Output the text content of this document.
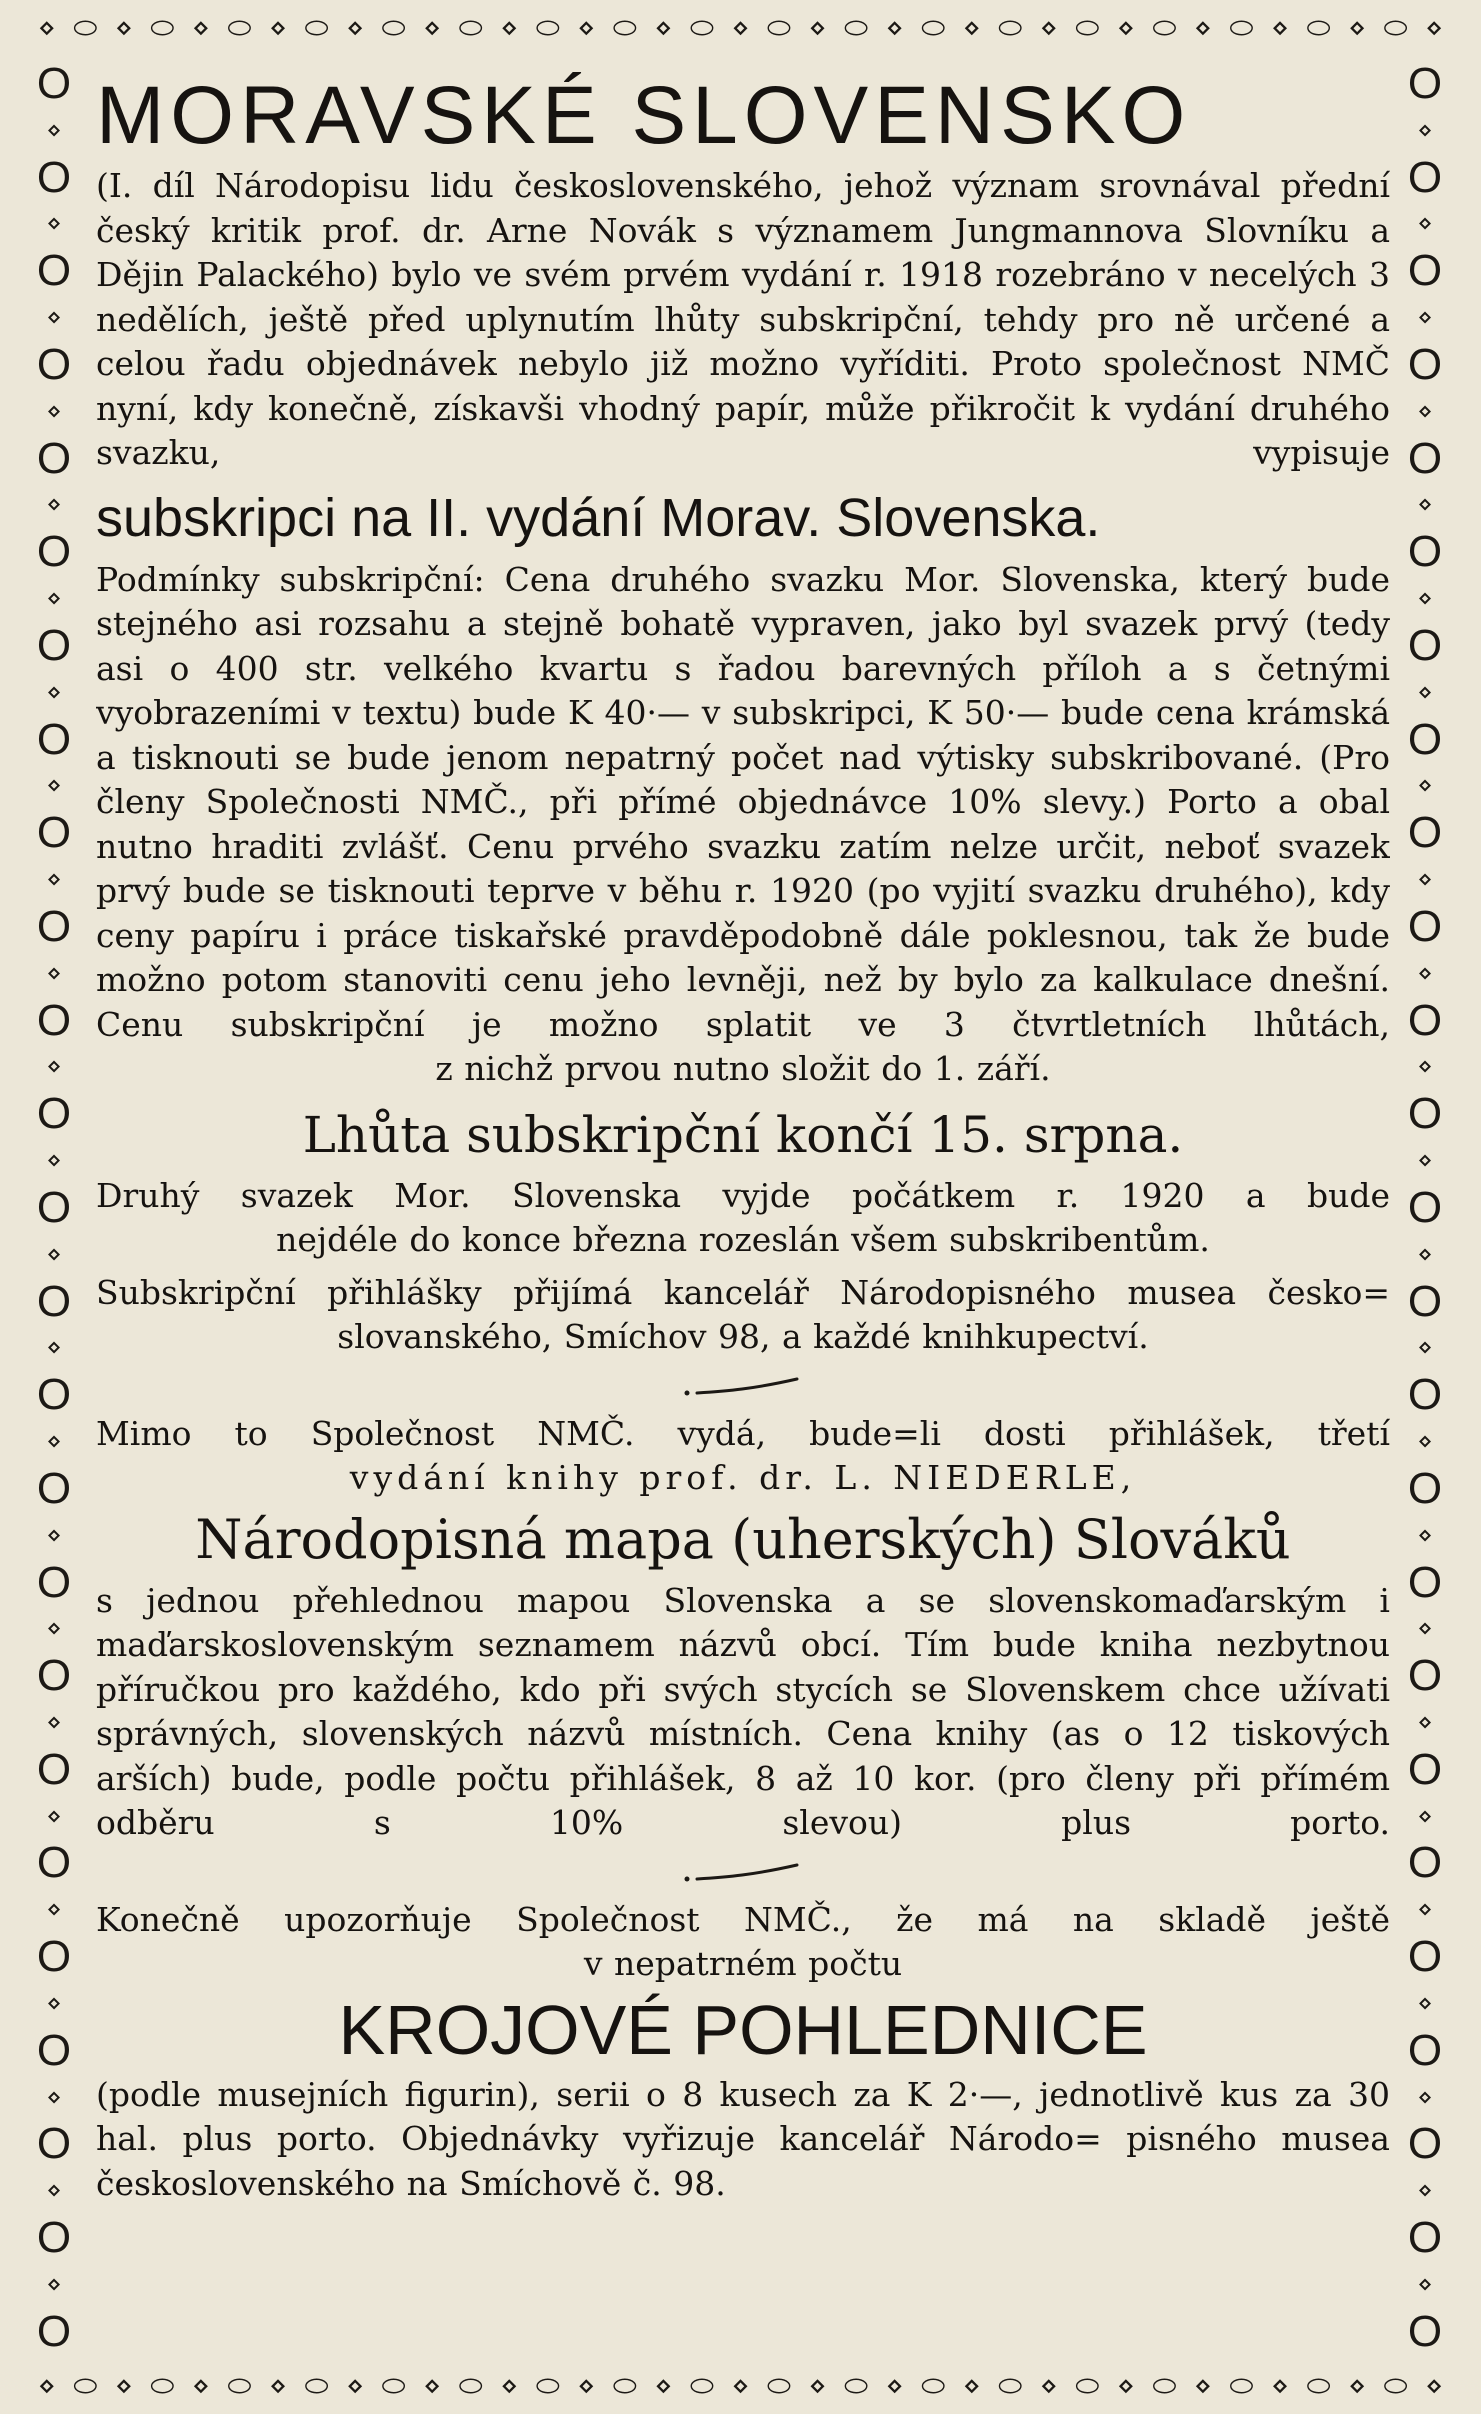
⋄ ⬭ ⋄ ⬭ ⋄ ⬭ ⋄ ⬭ ⋄ ⬭ ⋄ ⬭ ⋄ ⬭ ⋄ ⬭ ⋄ ⬭ ⋄ ⬭ ⋄ ⬭ ⋄ ⬭ ⋄ ⬭ ⋄ ⬭ ⋄ ⬭ ⋄ ⬭ ⋄ ⬭ ⋄ ⬭ ⋄
⋄ ⬭ ⋄ ⬭ ⋄ ⬭ ⋄ ⬭ ⋄ ⬭ ⋄ ⬭ ⋄ ⬭ ⋄ ⬭ ⋄ ⬭ ⋄ ⬭ ⋄ ⬭ ⋄ ⬭ ⋄ ⬭ ⋄ ⬭ ⋄ ⬭ ⋄ ⬭ ⋄ ⬭ ⋄ ⬭ ⋄
O
⋄
O
⋄
O
⋄
O
⋄
O
⋄
O
⋄
O
⋄
O
⋄
O
⋄
O
⋄
O
⋄
O
⋄
O
⋄
O
⋄
O
⋄
O
⋄
O
⋄
O
⋄
O
⋄
O
⋄
O
⋄
O
⋄
O
⋄
O
⋄
O
O
⋄
O
⋄
O
⋄
O
⋄
O
⋄
O
⋄
O
⋄
O
⋄
O
⋄
O
⋄
O
⋄
O
⋄
O
⋄
O
⋄
O
⋄
O
⋄
O
⋄
O
⋄
O
⋄
O
⋄
O
⋄
O
⋄
O
⋄
O
⋄
O

MORAVSKÉ SLOVENSKO

(I. díl Národopisu lidu československého, jehož význam srovnával přední český kritik prof. dr. Arne Novák s významem Jungmannova Slovníku a Dějin Palackého) bylo ve svém prvém vydání r. 1918 rozebráno v necelých 3 nedělích, ještě před uplynutím lhůty subskripční, tehdy pro ně určené a celou řadu objednávek nebylo již možno vyříditi. Proto společnost NMČ nyní, kdy konečně, získavši vhodný papír, může přikročit k vydání druhého svazku, vypisuje

subskripci na II. vydání Morav. Slovenska.

Podmínky subskripční: Cena druhého svazku Mor. Slovenska, který bude stejného asi rozsahu a stejně bohatě vypraven, jako byl svazek prvý (tedy asi o 400 str. velkého kvartu s řadou barevných příloh a s četnými vyobrazeními v textu) bude K 40·— v subskripci, K 50·— bude cena krámská a tisknouti se bude jenom nepatrný počet nad výtisky subskribované. (Pro členy Společnosti NMČ., při přímé objednávce 10% slevy.) Porto a obal nutno hraditi zvlášť. Cenu prvého svazku zatím nelze určit, neboť svazek prvý bude se tisknouti teprve v běhu r. 1920 (po vyjití svazku druhého), kdy ceny papíru i práce tiskařské pravděpodobně dále poklesnou, tak že bude možno potom stanoviti cenu jeho levněji, než by bylo za kalkulace dnešní.

Cenu subskripční je možno splatit ve 3 čtvrtletních lhůtách,

z nichž prvou nutno složit do 1. září.

Lhůta subskripční končí 15. srpna.

Druhý svazek Mor. Slovenska vyjde počátkem r. 1920 a bude

nejdéle do konce března rozeslán všem subskribentům.

Subskripční přihlášky přijímá kancelář Národopisného musea česko=

slovanského, Smíchov 98, a každé knihkupectví.

Mimo to Společnost NMČ. vydá, bude=li dosti přihlášek, třetí

vydání knihy prof. dr. L. NIEDERLE,

Národopisná mapa (uherských) Slováků

s jednou přehlednou mapou Slovenska a se slovenskomaďarským i maďarskoslovenským seznamem názvů obcí. Tím bude kniha nezbytnou příručkou pro každého, kdo při svých stycích se Slovenskem chce užívati správných, slovenských názvů místních. Cena knihy (as o 12 tiskových arších) bude, podle počtu přihlášek, 8 až 10 kor. (pro členy při přímém odběru s 10% slevou) plus porto.

Konečně upozorňuje Společnost NMČ., že má na skladě ještě

v nepatrném počtu

KROJOVÉ POHLEDNICE

(podle musejních figurin), serii o 8 kusech za K 2·—, jednotlivě kus za 30 hal. plus porto. Objednávky vyřizuje kancelář Národo= pisného musea československého na Smíchově č. 98.
